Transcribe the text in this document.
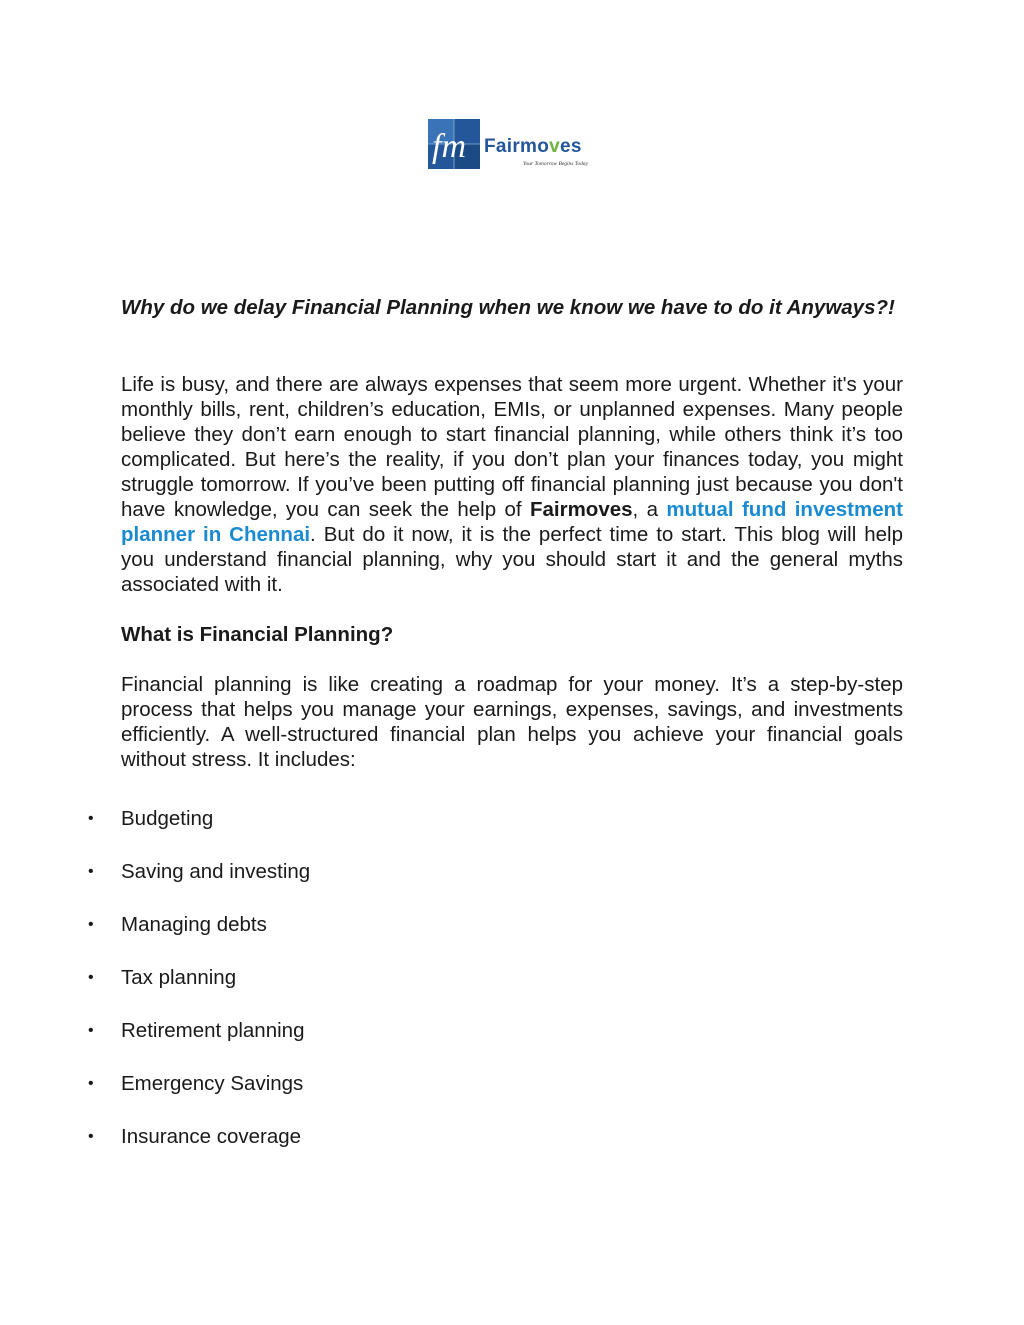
fm Fairmoves
Your Tomorrow Begins Today
Why do we delay Financial Planning when we know we have to do it Anyways?!

Life is busy, and there are always expenses that seem more urgent. Whether it's your monthly bills, rent, children’s education, EMIs, or unplanned expenses. Many people believe they don’t earn enough to start financial planning, while others think it’s too complicated. But here’s the reality, if you don’t plan your finances today, you might struggle tomorrow. If you’ve been putting off financial planning just because you don't have knowledge, you can seek the help of Fairmoves, a mutual fund investment planner in Chennai. But do it now, it is the perfect time to start. This blog will help you understand financial planning, why you should start it and the general myths associated with it.

What is Financial Planning?

Financial planning is like creating a roadmap for your money. It’s a step-by-step process that helps you manage your earnings, expenses, savings, and investments efficiently. A well-structured financial plan helps you achieve your financial goals without stress. It includes:

• Budgeting
• Saving and investing
• Managing debts
• Tax planning
• Retirement planning
• Emergency Savings
• Insurance coverage
